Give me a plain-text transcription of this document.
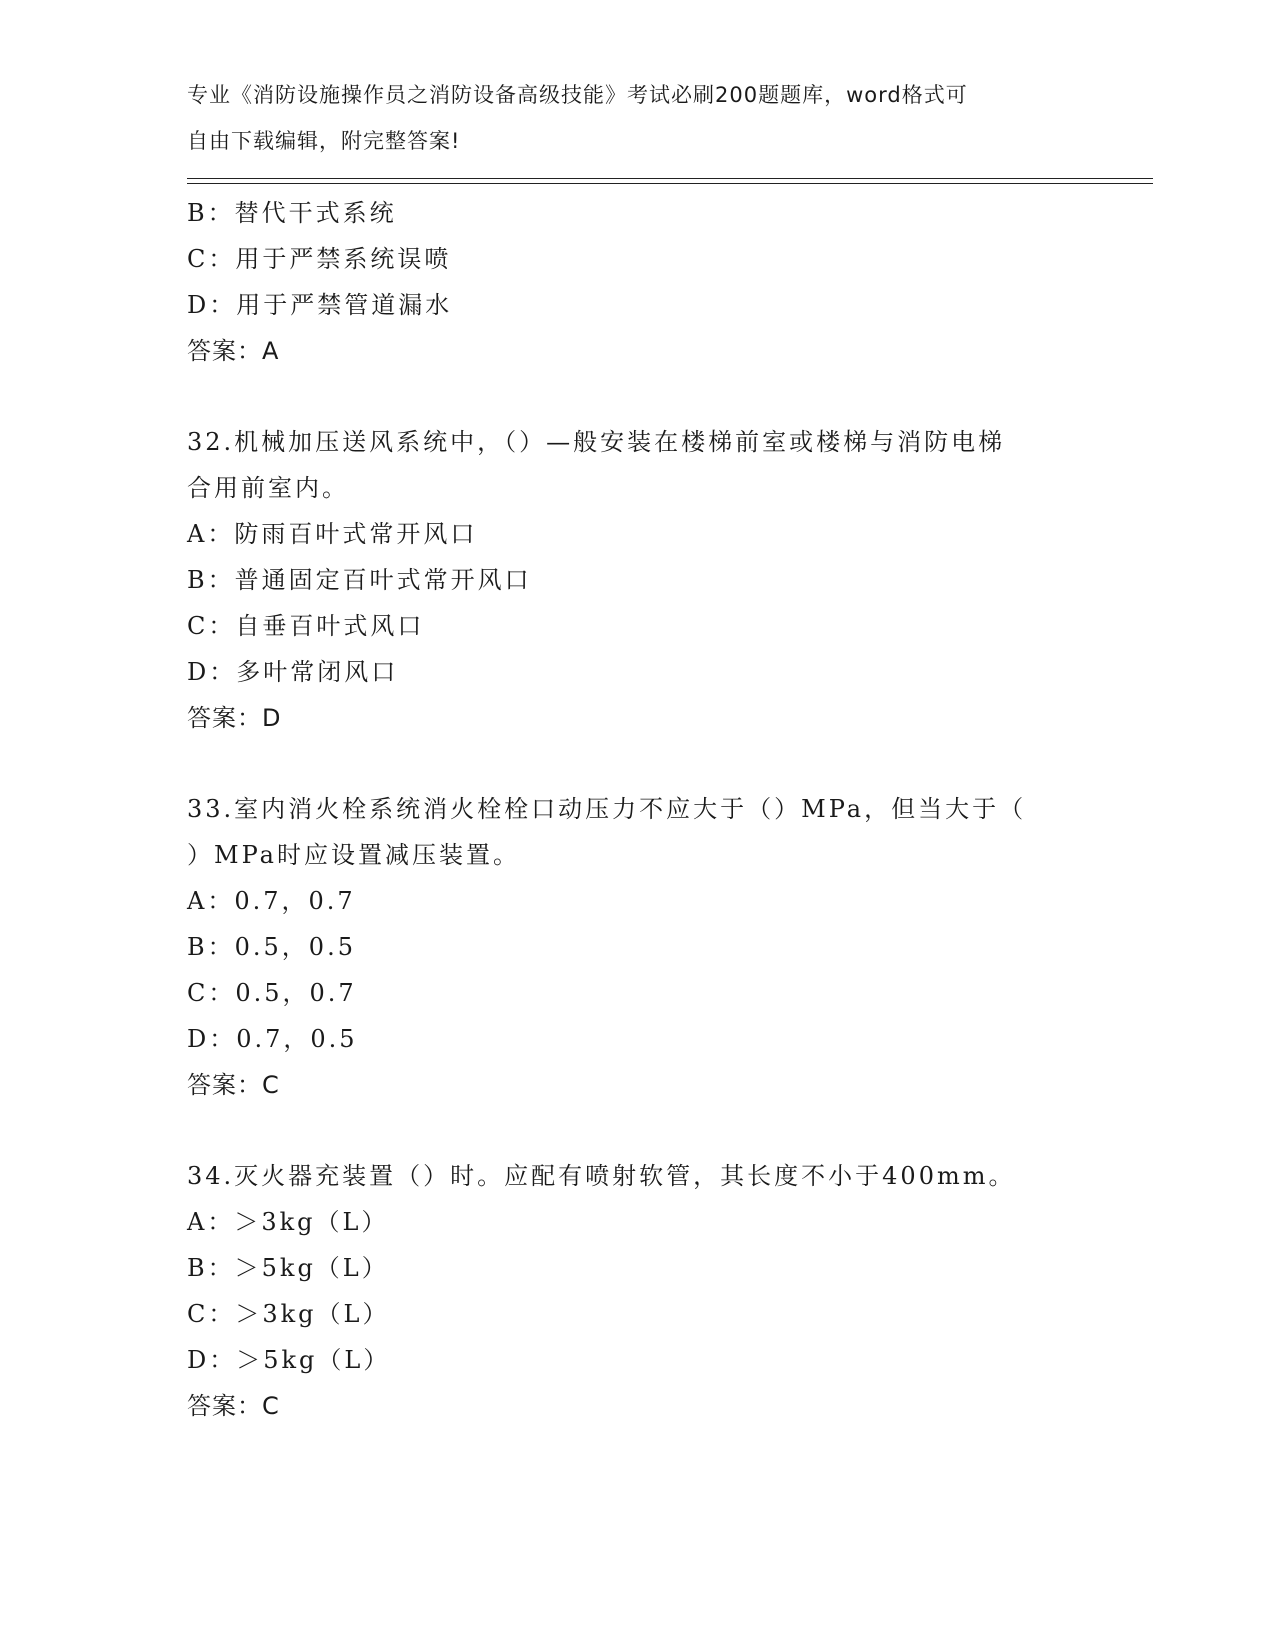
专业《消防设施操作员之消防设备高级技能》考试必刷200题题库，word格式可
自由下载编辑，附完整答案!
B：替代干式系统
C：用于严禁系统误喷
D：用于严禁管道漏水
答案：A
32.机械加压送风系统中，（）—般安装在楼梯前室或楼梯与消防电梯
合用前室内。
A：防雨百叶式常开风口
B：普通固定百叶式常开风口
C：自垂百叶式风口
D：多叶常闭风口
答案：D
33.室内消火栓系统消火栓栓口动压力不应大于（）MPa，但当大于（
）MPa时应设置减压装置。
A：0.7，0.7
B：0.5，0.5
C：0.5，0.7
D：0.7，0.5
答案：C
34.灭火器充装置（）时。应配有喷射软管，其长度不小于400mm。
A：＞3kg（L）
B：＞5kg（L）
C：＞3kg（L）
D：＞5kg（L）
答案：C
